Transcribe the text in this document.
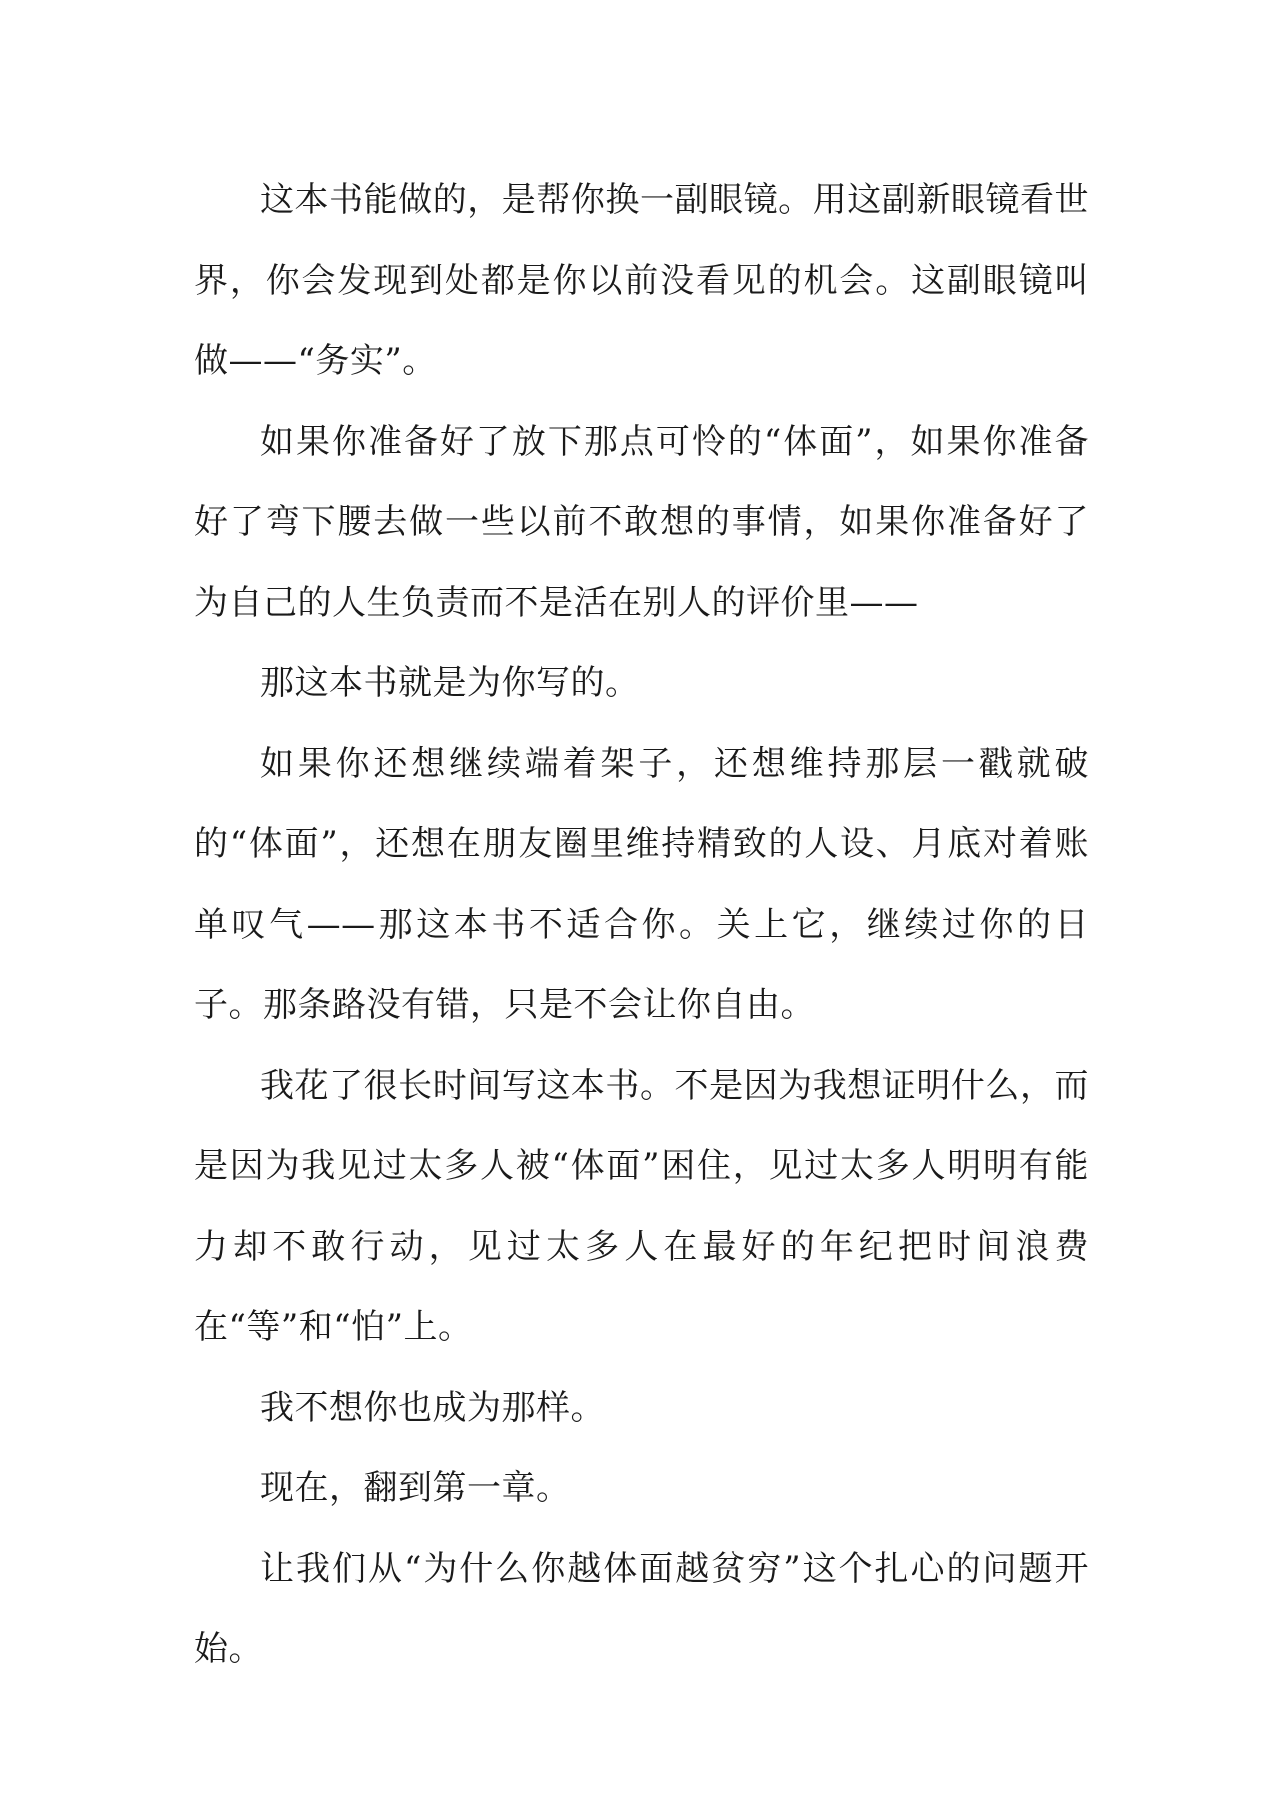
这本书能做的，是帮你换一副眼镜。用这副新眼镜看世界，你会发现到处都是你以前没看见的机会。这副眼镜叫做——“务实”。

如果你准备好了放下那点可怜的“体面”，如果你准备好了弯下腰去做一些以前不敢想的事情，如果你准备好了为自己的人生负责而不是活在别人的评价里——

那这本书就是为你写的。

如果你还想继续端着架子，还想维持那层一戳就破的“体面”，还想在朋友圈里维持精致的人设、月底对着账单叹气——那这本书不适合你。关上它，继续过你的日子。那条路没有错，只是不会让你自由。

我花了很长时间写这本书。不是因为我想证明什么，而是因为我见过太多人被“体面”困住，见过太多人明明有能力却不敢行动，见过太多人在最好的年纪把时间浪费在“等”和“怕”上。

我不想你也成为那样。

现在，翻到第一章。

让我们从“为什么你越体面越贫穷”这个扎心的问题开始。
